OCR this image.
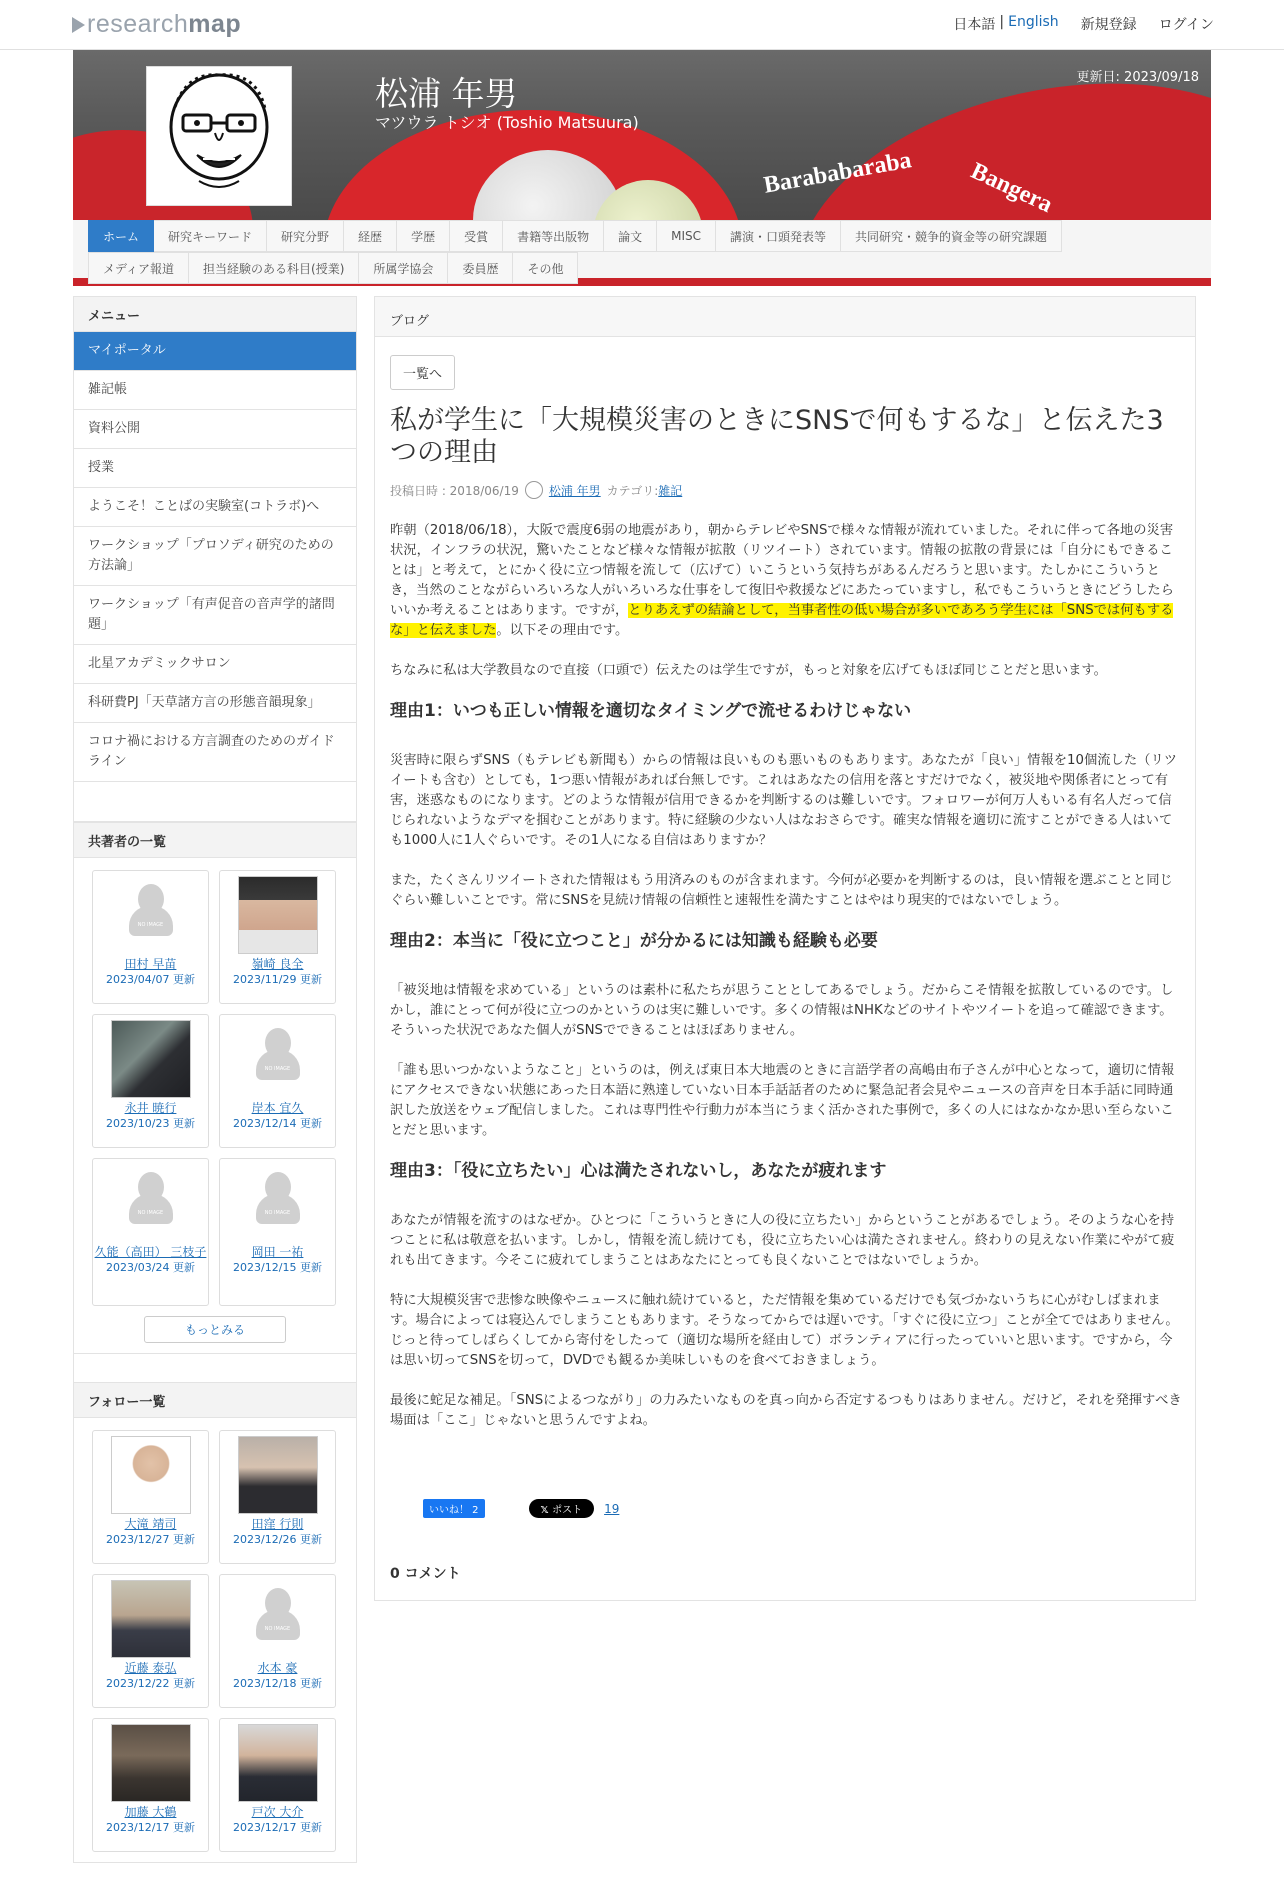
research map	日本語 | English 新規登録 ログイン
Barababaraba Bangera
松浦 年男
マツウラ トシオ (Toshio Matsuura)
更新日: 2023/09/18
ホーム	研究キーワード	研究分野	経歴	学歴	受賞	書籍等出版物	論文	MISC	講演・口頭発表等	共同研究・競争的資金等の研究課題
メディア報道	担当経験のある科目(授業)	所属学協会	委員歴	その他
メニュー
マイポータル
雑記帳
資料公開
授業
ようこそ！ことばの実験室(コトラボ)へ
ワークショップ「プロソディ研究のための方法論」
ワークショップ「有声促音の音声学的諸問題」
北星アカデミックサロン
科研費PJ「天草諸方言の形態音韻現象」
コロナ禍における方言調査のためのガイドライン
共著者の一覧
NO IMAGE
田村 早苗
2023/04/07 更新
嶺崎 良全
2023/11/29 更新
永井 暁行
2023/10/23 更新
NO IMAGE
岸本 宜久
2023/12/14 更新
NO IMAGE
久能（高田） 三枝子
2023/03/24 更新
NO IMAGE
岡田 一祐
2023/12/15 更新
もっとみる
フォロー一覧
大滝 靖司
2023/12/27 更新
田窪 行則
2023/12/26 更新
近藤 泰弘
2023/12/22 更新
NO IMAGE
水本 豪
2023/12/18 更新
加藤 大鶴
2023/12/17 更新
戸次 大介
2023/12/17 更新
ブログ
一覧へ
私が学生に「大規模災害のときにSNSで何もするな」と伝えた3つの理由
投稿日時 : 2018/06/19	松浦 年男 カテゴリ: 雑記

昨朝（2018/06/18），大阪で震度6弱の地震があり，朝からテレビやSNSで様々な情報が流れていました。それに伴って各地の災害状況，インフラの状況，驚いたことなど様々な情報が拡散（リツイート）されています。情報の拡散の背景には「自分にもできることは」と考えて，とにかく役に立つ情報を流して（広げて）いこうという気持ちがあるんだろうと思います。たしかにこういうとき，当然のことながらいろいろな人がいろいろな仕事をして復旧や救援などにあたっていますし，私でもこういうときにどうしたらいいか考えることはあります。ですが，とりあえずの結論として，当事者性の低い場合が多いであろう学生には「SNSでは何もするな」と伝えました。以下その理由です。

ちなみに私は大学教員なので直接（口頭で）伝えたのは学生ですが，もっと対象を広げてもほぼ同じことだと思います。

理由1：いつも正しい情報を適切なタイミングで流せるわけじゃない

災害時に限らずSNS（もテレビも新聞も）からの情報は良いものも悪いものもあります。あなたが「良い」情報を10個流した（リツイートも含む）としても，1つ悪い情報があれば台無しです。これはあなたの信用を落とすだけでなく，被災地や関係者にとって有害，迷惑なものになります。どのような情報が信用できるかを判断するのは難しいです。フォロワーが何万人もいる有名人だって信じられないようなデマを掴むことがあります。特に経験の少ない人はなおさらです。確実な情報を適切に流すことができる人はいても1000人に1人ぐらいです。その1人になる自信はありますか？

また，たくさんリツイートされた情報はもう用済みのものが含まれます。今何が必要かを判断するのは，良い情報を選ぶことと同じぐらい難しいことです。常にSNSを見続け情報の信頼性と速報性を満たすことはやはり現実的ではないでしょう。

理由2：本当に「役に立つこと」が分かるには知識も経験も必要

「被災地は情報を求めている」というのは素朴に私たちが思うこととしてあるでしょう。だからこそ情報を拡散しているのです。しかし，誰にとって何が役に立つのかというのは実に難しいです。多くの情報はNHKなどのサイトやツイートを追って確認できます。そういった状況であなた個人がSNSでできることはほぼありません。

「誰も思いつかないようなこと」というのは，例えば東日本大地震のときに言語学者の高嶋由布子さんが中心となって，適切に情報にアクセスできない状態にあった日本語に熟達していない日本手話話者のために緊急記者会見やニュースの音声を日本手話に同時通訳した放送をウェブ配信しました。これは専門性や行動力が本当にうまく活かされた事例で，多くの人にはなかなか思い至らないことだと思います。

理由3：「役に立ちたい」心は満たされないし，あなたが疲れます

あなたが情報を流すのはなぜか。ひとつに「こういうときに人の役に立ちたい」からということがあるでしょう。そのような心を持つことに私は敬意を払います。しかし，情報を流し続けても，役に立ちたい心は満たされません。終わりの見えない作業にやがて疲れも出てきます。今そこに疲れてしまうことはあなたにとっても良くないことではないでしょうか。

特に大規模災害で悲惨な映像やニュースに触れ続けていると，ただ情報を集めているだけでも気づかないうちに心がむしばまれます。場合によっては寝込んでしまうこともあります。そうなってからでは遅いです。「すぐに役に立つ」ことが全てではありません。じっと待ってしばらくしてから寄付をしたって（適切な場所を経由して）ボランティアに行ったっていいと思います。ですから，今は思い切ってSNSを切って，DVDでも観るか美味しいものを食べておきましょう。

最後に蛇足な補足。「SNSによるつながり」の力みたいなものを真っ向から否定するつもりはありません。だけど，それを発揮すべき場面は「ここ」じゃないと思うんですよね。

いいね！ 2	𝕏 ポスト	19
0 コメント
